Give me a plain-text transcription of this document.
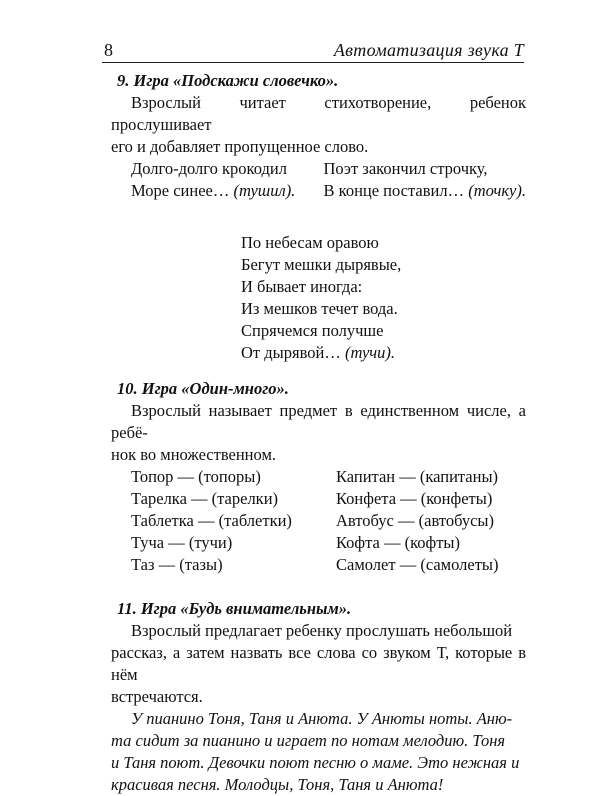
8	Автоматизация звука Т

9. Игра «Подскажи словечко».

Взрослый читает стихотворение, ребенок прослушивает
его и добавляет пропущенное слово.

Долго-долго крокодил
Море синее… (тушил).
Поэт закончил строчку,
В конце поставил… (точку).
По небесам оравою
Бегут мешки дырявые,
И бывает иногда:
Из мешков течет вода.
Спрячемся получше
От дырявой… (тучи).

10. Игра «Один-много».

Взрослый называет предмет в единственном числе, а ребё-
нок во множественном.

Топор — (топоры)
Тарелка — (тарелки)
Таблетка — (таблетки)
Туча — (тучи)
Таз — (тазы)
Капитан — (капитаны)
Конфета — (конфеты)
Автобус — (автобусы)
Кофта — (кофты)
Самолет — (самолеты)

11. Игра «Будь внимательным».

Взрослый предлагает ребенку прослушать небольшой
рассказ, а затем назвать все слова со звуком Т, которые в нём
встречаются.

У пианино Тоня, Таня и Анюта. У Анюты ноты. Аню-
та сидит за пианино и играет по нотам мелодию. Тоня
и Таня поют. Девочки поют песню о маме. Это нежная и
красивая песня. Молодцы, Тоня, Таня и Анюта!
